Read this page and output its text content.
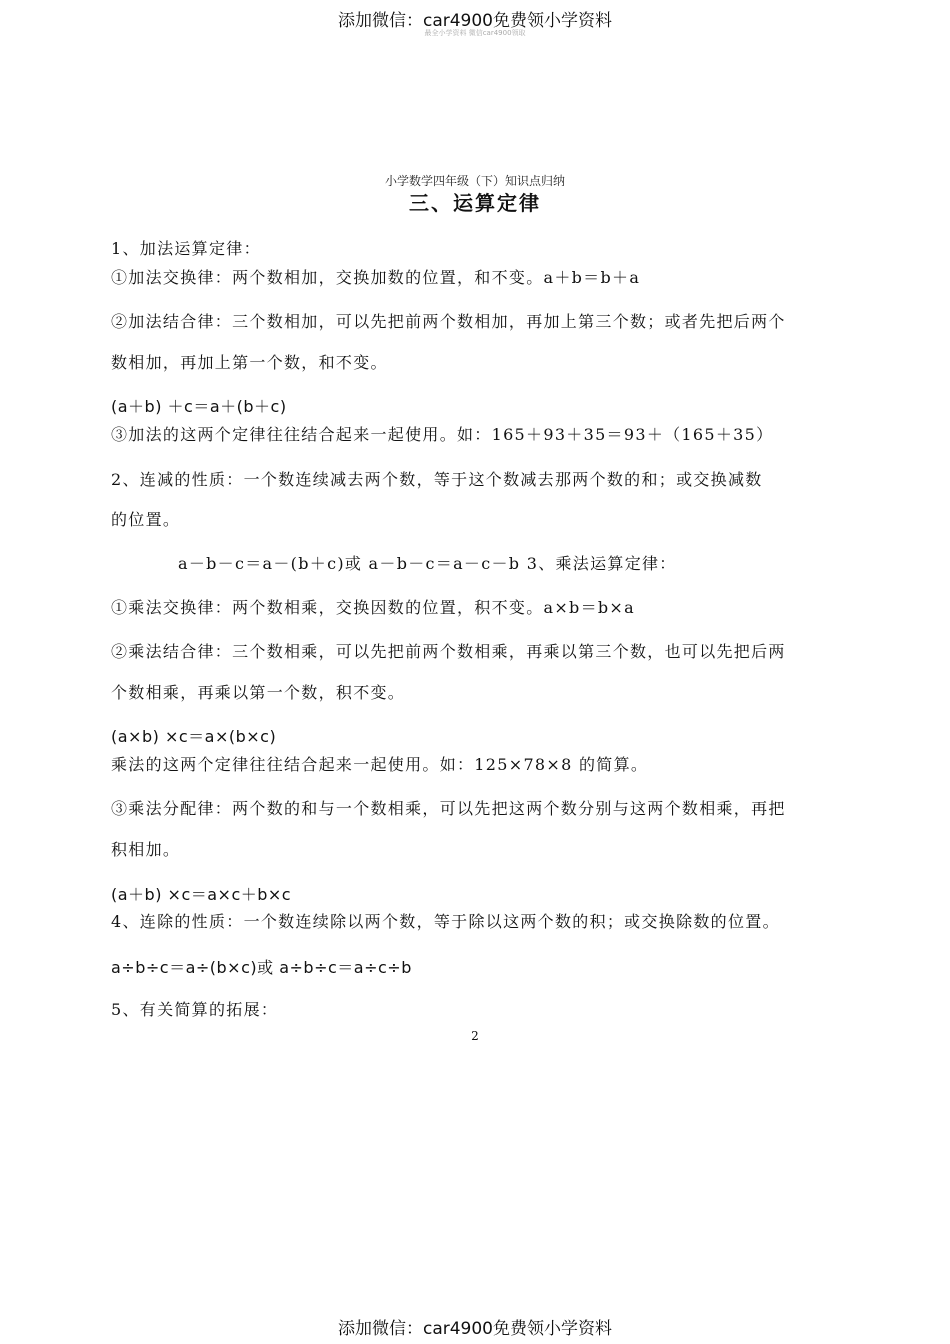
添加微信：car4900免费领小学资料
最全小学资料 微信car4900领取
小学数学四年级（下）知识点归纳
三、运算定律
1、加法运算定律：
①加法交换律：两个数相加，交换加数的位置，和不变。a＋b＝b＋a
②加法结合律：三个数相加，可以先把前两个数相加，再加上第三个数；或者先把后两个
数相加，再加上第一个数，和不变。
(a＋b) ＋c＝a＋(b＋c)
③加法的这两个定律往往结合起来一起使用。如：165＋93＋35＝93＋（165＋35）
2、连减的性质：一个数连续减去两个数，等于这个数减去那两个数的和；或交换减数
的位置。
a－b－c＝a－(b＋c)或 a－b－c＝a－c－b 3、乘法运算定律：
①乘法交换律：两个数相乘，交换因数的位置，积不变。a×b＝b×a
②乘法结合律：三个数相乘，可以先把前两个数相乘，再乘以第三个数，也可以先把后两
个数相乘，再乘以第一个数，积不变。
(a×b) ×c＝a×(b×c)
乘法的这两个定律往往结合起来一起使用。如：125×78×8 的简算。
③乘法分配律：两个数的和与一个数相乘，可以先把这两个数分别与这两个数相乘，再把
积相加。
(a＋b) ×c＝a×c＋b×c
4、连除的性质：一个数连续除以两个数，等于除以这两个数的积；或交换除数的位置。
a÷b÷c＝a÷(b×c)或 a÷b÷c＝a÷c÷b
5、有关简算的拓展：
2
添加微信：car4900免费领小学资料
